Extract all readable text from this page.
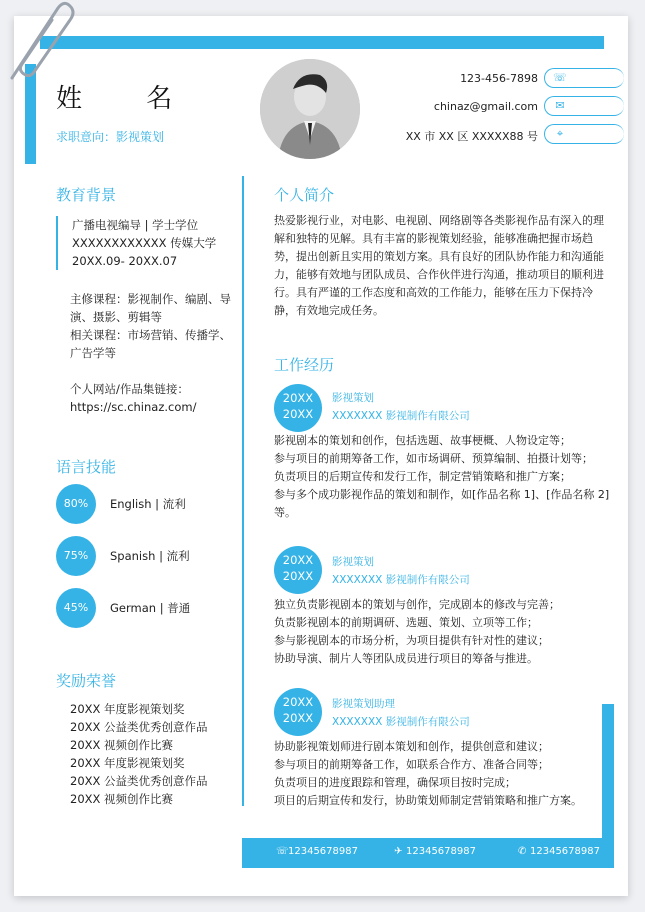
姓 名
求职意向：影视策划
123-456-7898 ☏
chinaz@gmail.com ✉
XX 市 XX 区 XXXXX88 号	⌖
教育背景
广播电视编导 | 学士学位
XXXXXXXXXXXX 传媒大学
20XX.09- 20XX.07
主修课程：影视制作、编剧、导演、摄影、剪辑等
相关课程：市场营销、传播学、广告学等
个人网站/作品集链接：
https://sc.chinaz.com/
语言技能
80%	English | 流利
75%	Spanish | 流利
45%	German | 普通
奖励荣誉
20XX 年度影视策划奖
20XX 公益类优秀创意作品
20XX 视频创作比赛
20XX 年度影视策划奖
20XX 公益类优秀创意作品
20XX 视频创作比赛
个人简介
热爱影视行业，对电影、电视剧、网络剧等各类影视作品有深入的理解和独特的见解。具有丰富的影视策划经验，能够准确把握市场趋势，提出创新且实用的策划方案。具有良好的团队协作能力和沟通能力，能够有效地与团队成员、合作伙伴进行沟通，推动项目的顺利进行。具有严谨的工作态度和高效的工作能力，能够在压力下保持冷静，有效地完成任务。
工作经历
20XX
20XX
影视策划
XXXXXXX 影视制作有限公司
影视剧本的策划和创作，包括选题、故事梗概、人物设定等；
参与项目的前期筹备工作，如市场调研、预算编制、拍摄计划等；
负责项目的后期宣传和发行工作，制定营销策略和推广方案；
参与多个成功影视作品的策划和制作，如[作品名称 1]、[作品名称 2]等。
20XX
20XX
影视策划
XXXXXXX 影视制作有限公司
独立负责影视剧本的策划与创作，完成剧本的修改与完善；
负责影视剧本的前期调研、选题、策划、立项等工作；
参与影视剧本的市场分析，为项目提供有针对性的建议；
协助导演、制片人等团队成员进行项目的筹备与推进。
20XX
20XX
影视策划助理
XXXXXXX 影视制作有限公司
协助影视策划师进行剧本策划和创作，提供创意和建议；
参与项目的前期筹备工作，如联系合作方、准备合同等；
负责项目的进度跟踪和管理，确保项目按时完成；
项目的后期宣传和发行，协助策划师制定营销策略和推广方案。
☏12345678987	✈ 12345678987	✆ 12345678987
